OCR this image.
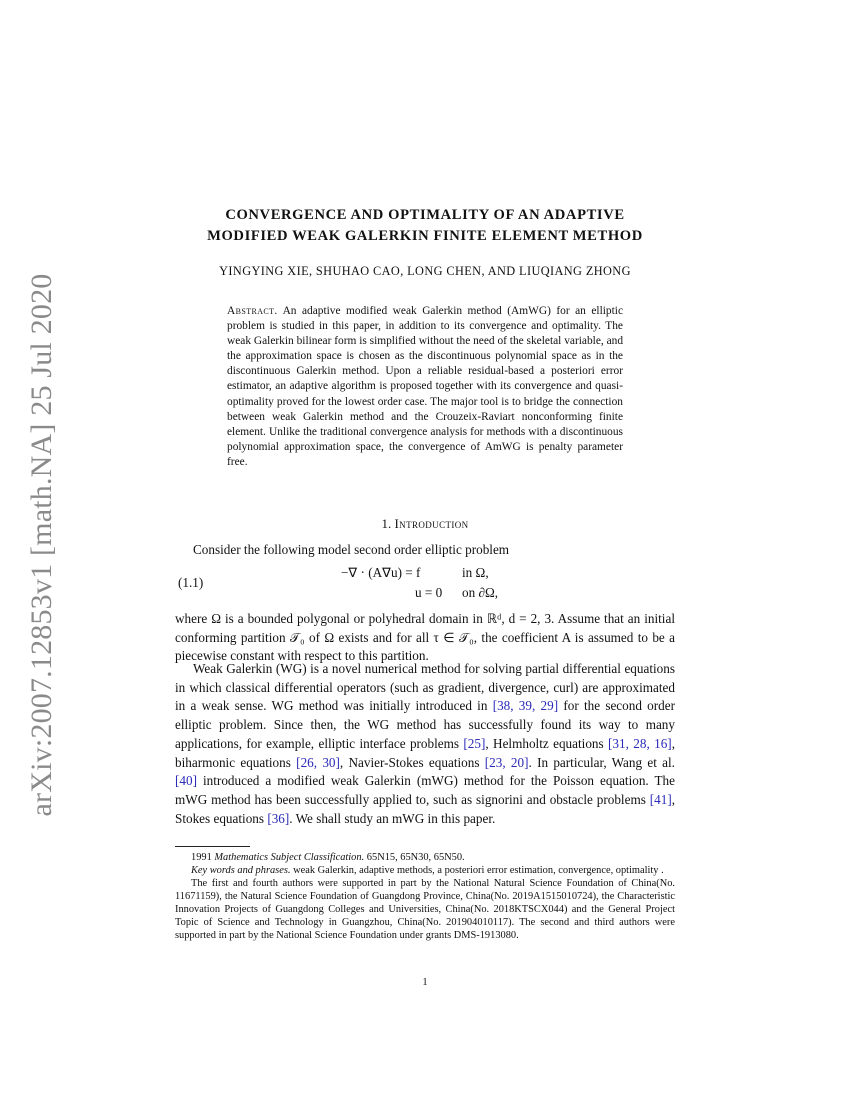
arXiv:2007.12853v1 [math.NA] 25 Jul 2020
CONVERGENCE AND OPTIMALITY OF AN ADAPTIVE
MODIFIED WEAK GALERKIN FINITE ELEMENT METHOD
YINGYING XIE, SHUHAO CAO, LONG CHEN, AND LIUQIANG ZHONG
Abstract. An adaptive modified weak Galerkin method (AmWG) for an elliptic problem is studied in this paper, in addition to its convergence and optimality. The weak Galerkin bilinear form is simplified without the need of the skeletal variable, and the approximation space is chosen as the discontinuous polynomial space as in the discontinuous Galerkin method. Upon a reliable residual-based a posteriori error estimator, an adaptive algorithm is proposed together with its convergence and quasi-optimality proved for the lowest order case. The major tool is to bridge the connection between weak Galerkin method and the Crouzeix-Raviart nonconforming finite element. Unlike the traditional convergence analysis for methods with a discontinuous polynomial approximation space, the convergence of AmWG is penalty parameter free.
1. Introduction

Consider the following model second order elliptic problem

(1.1)
−∇ · (A∇u) = f	in Ω,
u = 0 on ∂Ω,

where Ω is a bounded polygonal or polyhedral domain in ℝᵈ, d = 2, 3. Assume that an initial conforming partition 𝒯₀ of Ω exists and for all τ ∈ 𝒯₀, the coefficient A is assumed to be a piecewise constant with respect to this partition.

Weak Galerkin (WG) is a novel numerical method for solving partial differential equations in which classical differential operators (such as gradient, divergence, curl) are approximated in a weak sense. WG method was initially introduced in [38, 39, 29] for the second order elliptic problem. Since then, the WG method has successfully found its way to many applications, for example, elliptic interface problems [25], Helmholtz equations [31, 28, 16], biharmonic equations [26, 30], Navier-Stokes equations [23, 20]. In particular, Wang et al. [40] introduced a modified weak Galerkin (mWG) method for the Poisson equation. The mWG method has been successfully applied to, such as signorini and obstacle problems [41], Stokes equations [36]. We shall study an mWG in this paper.

1991 Mathematics Subject Classification. 65N15, 65N30, 65N50.

Key words and phrases. weak Galerkin, adaptive methods, a posteriori error estimation, convergence, optimality .

The first and fourth authors were supported in part by the National Natural Science Foundation of China(No. 11671159), the Natural Science Foundation of Guangdong Province, China(No. 2019A1515010724), the Characteristic Innovation Projects of Guangdong Colleges and Universities, China(No. 2018KTSCX044) and the General Project Topic of Science and Technology in Guangzhou, China(No. 201904010117). The second and third authors were supported in part by the National Science Foundation under grants DMS-1913080.

1
